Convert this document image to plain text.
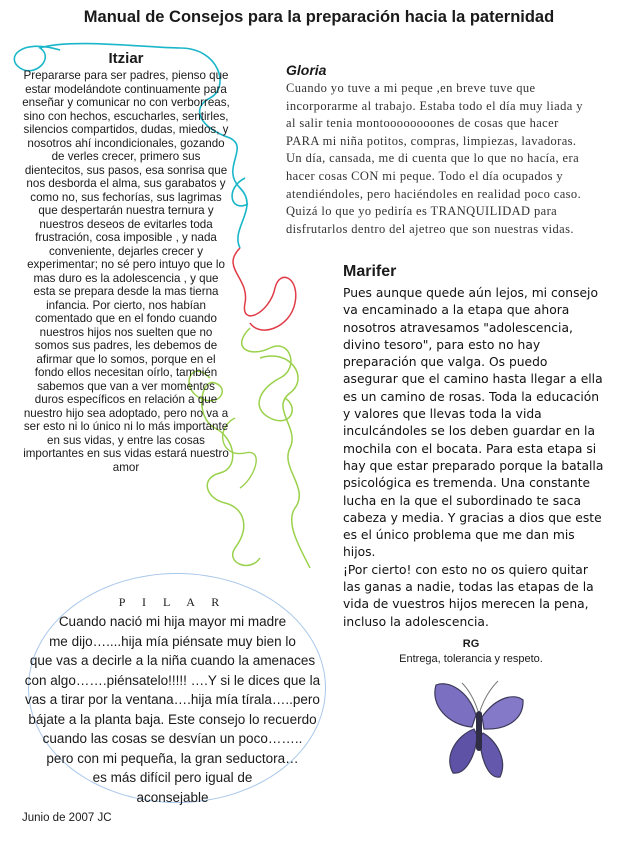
Manual de Consejos para la preparación hacia la paternidad
Itziar
Prepararse para ser padres, pienso que estar modelándote continuamente para enseñar y comunicar no con verborreas, sino con hechos, escucharles, sentirles, silencios compartidos, dudas, miedos, y nosotros ahí incondicionales, gozando de verles crecer, primero sus dientecitos, sus pasos, esa sonrisa que nos desborda el alma, sus garabatos y como no, sus fechorías, sus lagrimas que despertarán nuestra ternura y nuestros deseos de evitarles toda frustración, cosa imposible , y nada conveniente, dejarles crecer y experimentar; no sé pero intuyo que lo mas duro es la adolescencia , y que esta se prepara desde la mas tierna infancia. Por cierto, nos habían comentado que en el fondo cuando nuestros hijos nos suelten que no somos sus padres, les debemos de afirmar que lo somos, porque en el fondo ellos necesitan oírlo, también sabemos que van a ver momentos duros específicos en relación a que nuestro hijo sea adoptado, pero no va a ser esto ni lo único ni lo más importante en sus vidas, y entre las cosas importantes en sus vidas estará nuestro amor
Gloria
Cuando yo tuve a mi peque ,en breve tuve que incorporarme al trabajo. Estaba todo el día muy liada y al salir tenia montoooooooones de cosas que hacer PARA mi niña potitos, compras, limpiezas, lavadoras. Un día, cansada, me di cuenta que lo que no hacía, era hacer cosas CON mi peque. Todo el día ocupados y atendiéndoles, pero haciéndoles en realidad poco caso. Quizá lo que yo pediría es TRANQUILIDAD para disfrutarlos dentro del ajetreo que son nuestras vidas.
Marifer
Pues aunque quede aún lejos, mi consejo va encaminado a la etapa que ahora nosotros atravesamos "adolescencia, divino tesoro", para esto no hay preparación que valga. Os puedo asegurar que el camino hasta llegar a ella es un camino de rosas. Toda la educación y valores que llevas toda la vida inculcándoles se los deben guardar en la mochila con el bocata. Para esta etapa si hay que estar preparado porque la batalla psicológica es tremenda. Una constante lucha en la que el subordinado te saca cabeza y media. Y gracias a dios que este es el único problema que me dan mis hijos.
¡Por cierto! con esto no os quiero quitar las ganas a nadie, todas las etapas de la vida de vuestros hijos merecen la pena, incluso la adolescencia.
RG
Entrega, tolerancia y respeto.
P I L A R
Cuando nació mi hija mayor mi madre
me dijo…....hija mía piénsate muy bien lo
que vas a decirle a la niña cuando la amenaces
con algo…….piénsatelo!!!!! ….Y si le dices que la
vas a tirar por la ventana….hija mía tírala…..pero
bájate a la planta baja. Este consejo lo recuerdo
cuando las cosas se desvían un poco……..
pero con mi pequeña, la gran seductora…
es más difícil pero igual de
aconsejable
Junio de 2007 JC
